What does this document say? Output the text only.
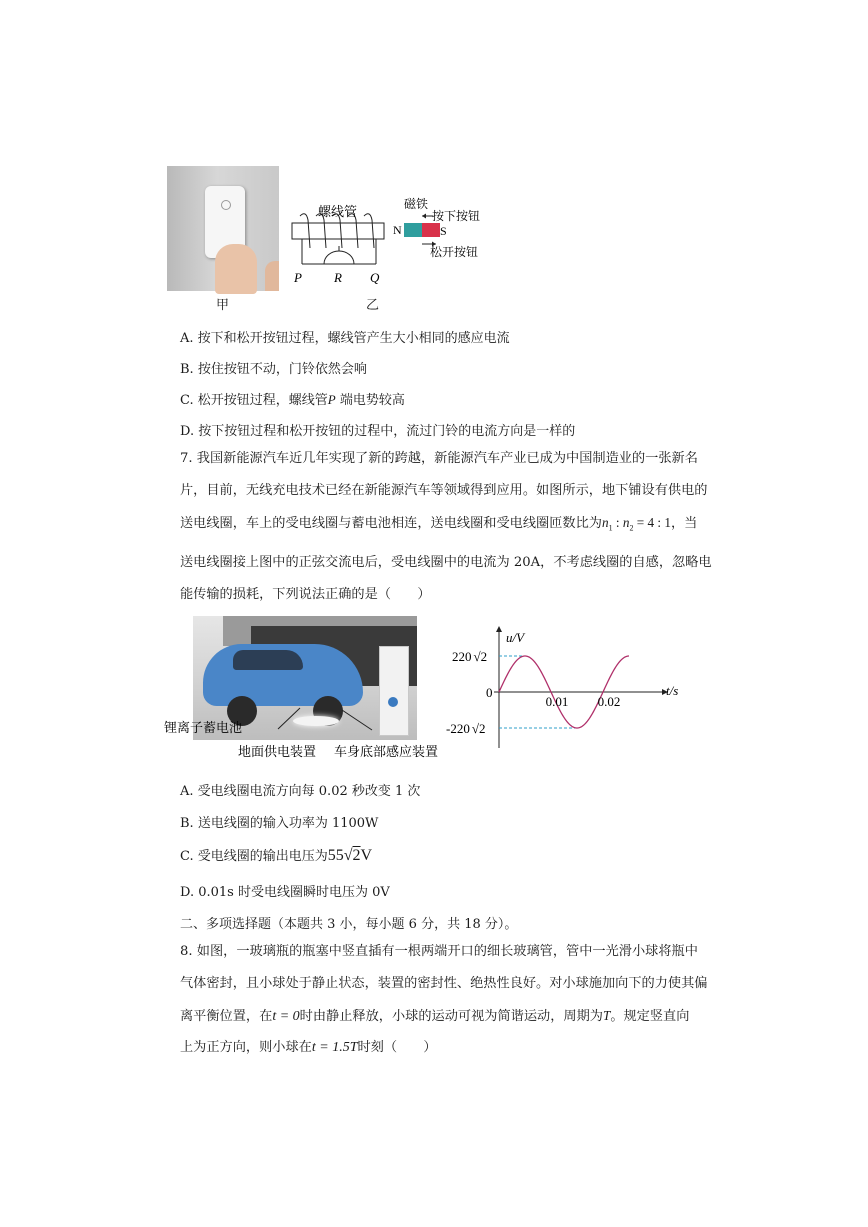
甲
P R Q
螺线管
N	S
磁铁
按下按钮
松开按钮
乙
A. 按下和松开按钮过程，螺线管产生大小相同的感应电流
B. 按住按钮不动，门铃依然会响
C. 松开按钮过程，螺线管P 端电势较高
D. 按下按钮过程和松开按钮的过程中，流过门铃的电流方向是一样的
7. 我国新能源汽车近几年实现了新的跨越，新能源汽车产业已成为中国制造业的一张新名
片，目前，无线充电技术已经在新能源汽车等领域得到应用。如图所示，地下铺设有供电的
送电线圈，车上的受电线圈与蓄电池相连，送电线圈和受电线圈匝数比为$n_1$ : $n_2 = 4$ : 1，当
送电线圈接上图中的正弦交流电后，受电线圈中的电流为 20A，不考虑线圈的自感，忽略电
能传输的损耗，下列说法正确的是（　　）
锂离子蓄电池
地面供电装置 车身底部感应装置
u/V
t/s
0
0.01 0.02
220 √2
-220 √2
A. 受电线圈电流方向每 0.02 秒改变 1 次
B. 送电线圈的输入功率为 1100W
C. 受电线圈的输出电压为55√2V
D. 0.01s 时受电线圈瞬时电压为 0V
二、多项选择题（本题共 3 小，每小题 6 分，共 18 分）。
8. 如图，一玻璃瓶的瓶塞中竖直插有一根两端开口的细长玻璃管，管中一光滑小球将瓶中
气体密封，且小球处于静止状态，装置的密封性、绝热性良好。对小球施加向下的力使其偏
离平衡位置，在t = 0时由静止释放，小球的运动可视为简谐运动，周期为T。规定竖直向
上为正方向，则小球在t = 1.5T时刻（　　）
